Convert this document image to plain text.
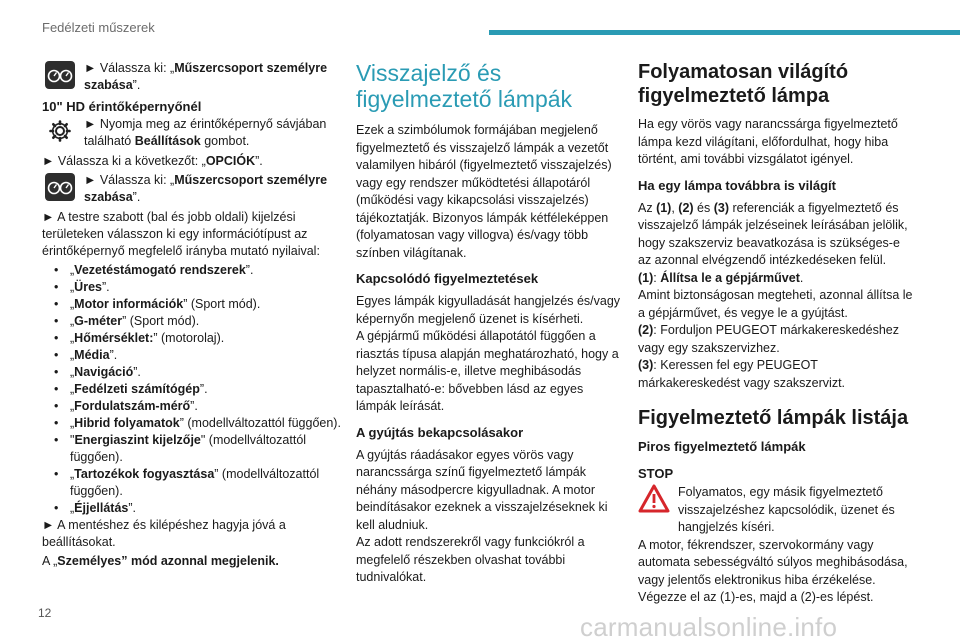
Fedélzeti műszerek

► Válassza ki: „Műszercsoport személyre szabása”.

10" HD érintőképernyőnél

► Nyomja meg az érintőképernyő sávjában található Beállítások gombot.

► Válassza ki a következőt: „OPCIÓK”.

► Válassza ki: „Műszercsoport személyre szabása”.

► A testre szabott (bal és jobb oldali) kijelzési területeken válasszon ki egy információtípust az érintőképernyő megfelelő irányba mutató nyilaival:

• „Vezetéstámogató rendszerek”.
• „Üres”.
• „Motor információk” (Sport mód).
• „G-méter” (Sport mód).
• „Hőmérséklet:” (motorolaj).
• „Média”.
• „Navigáció”.
• „Fedélzeti számítógép”.
• „Fordulatszám-mérő”.
• „Hibrid folyamatok” (modellváltozattól függően).
• "Energiaszint kijelzője" (modellváltozattól függően).
• „Tartozékok fogyasztása” (modellváltozattól függően).
• „Éjjellátás”.

► A mentéshez és kilépéshez hagyja jóvá a beállításokat.

A „Személyes” mód azonnal megjelenik.

Visszajelző és figyelmeztető lámpák

Ezek a szimbólumok formájában megjelenő figyelmeztető és visszajelző lámpák a vezetőt valamilyen hibáról (figyelmeztető visszajelzés) vagy egy rendszer működtetési állapotáról (működési vagy kikapcsolási visszajelzés) tájékoztatják. Bizonyos lámpák kétféleképpen (folyamatosan vagy villogva) és/vagy több színben világítanak.

Kapcsolódó figyelmeztetések

Egyes lámpák kigyulladását hangjelzés és/vagy képernyőn megjelenő üzenet is kísérheti.
A gépjármű működési állapotától függően a riasztás típusa alapján meghatározható, hogy a helyzet normális-e, illetve meghibásodás tapasztalható-e: bővebben lásd az egyes lámpák leírását.

A gyújtás bekapcsolásakor

A gyújtás ráadásakor egyes vörös vagy narancssárga színű figyelmeztető lámpák néhány másodpercre kigyulladnak. A motor beindításakor ezeknek a visszajelzéseknek ki kell aludniuk.
Az adott rendszerekről vagy funkciókról a megfelelő részekben olvashat további tudnivalókat.

Folyamatosan világító figyelmeztető lámpa

Ha egy vörös vagy narancssárga figyelmeztető lámpa kezd világítani, előfordulhat, hogy hiba történt, ami további vizsgálatot igényel.

Ha egy lámpa továbbra is világít

Az (1), (2) és (3) referenciák a figyelmeztető és visszajelző lámpák jelzéseinek leírásában jelölik, hogy szakszerviz beavatkozása is szükséges-e az azonnal elvégzendő intézkedéseken felül.

(1): Állítsa le a gépjárművet.
Amint biztonságosan megteheti, azonnal állítsa le a gépjárművet, és vegye le a gyújtást.

(2): Forduljon PEUGEOT márkakereskedéshez vagy egy szakszervizhez.

(3): Keressen fel egy PEUGEOT márkakereskedést vagy szakszervizt.

Figyelmeztető lámpák listája
Piros figyelmeztető lámpák
STOP

Folyamatos, egy másik figyelmeztető visszajelzéshez kapcsolódik, üzenet és hangjelzés kíséri.

A motor, fékrendszer, szervokormány vagy automata sebességváltó súlyos meghibásodása, vagy jelentős elektronikus hiba érzékelése.
Végezze el az (1)-es, majd a (2)-es lépést.

12	carmanualsonline.info
